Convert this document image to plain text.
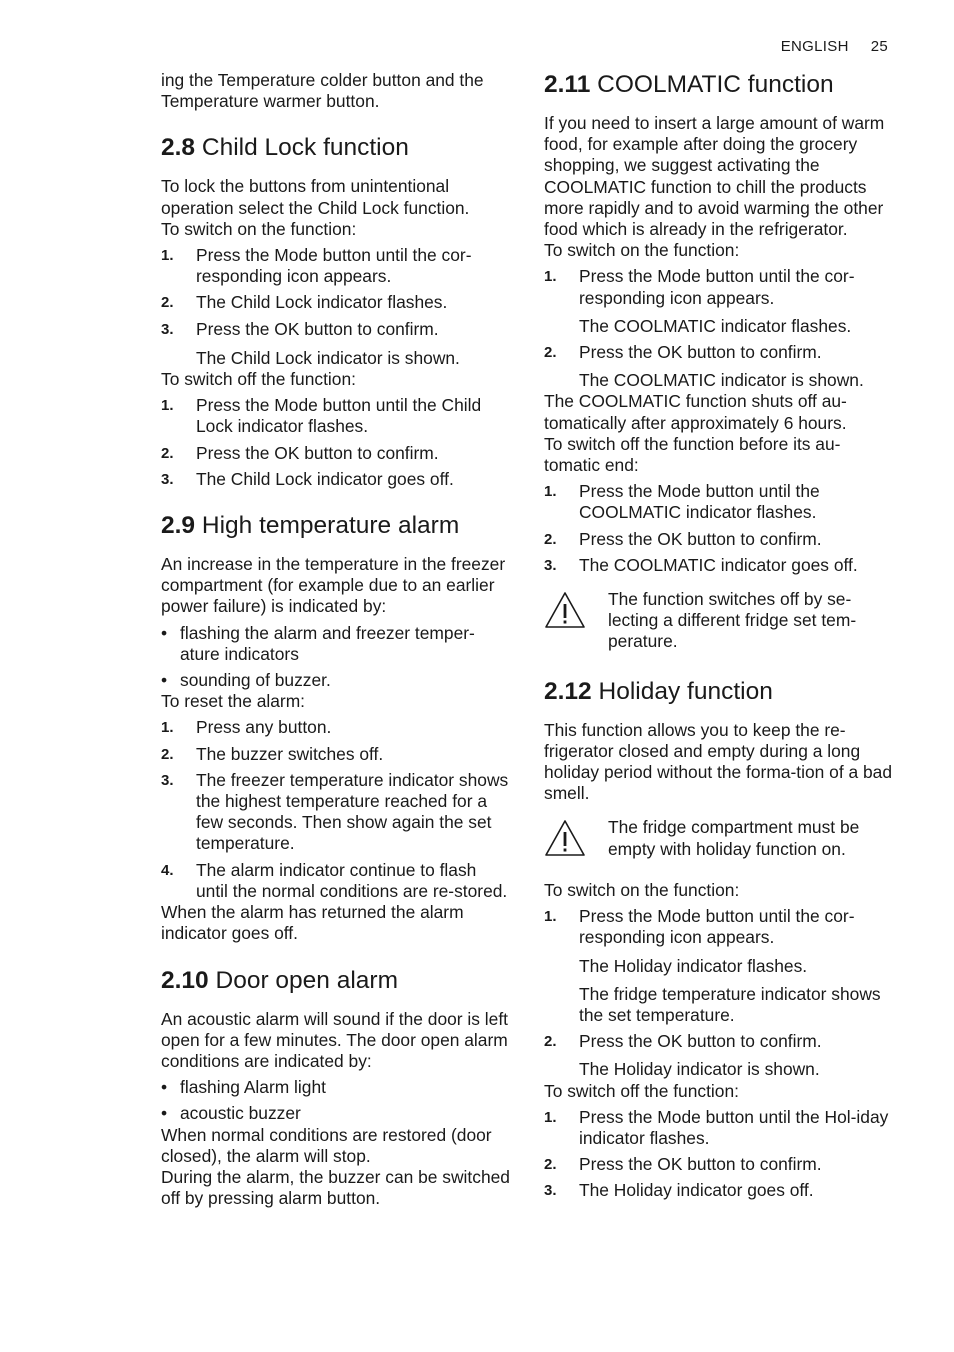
ENGLISH 25

ing the Temperature colder button and the Temperature warmer button.

2.8 Child Lock function

To lock the buttons from unintentional operation select the Child Lock function.

To switch on the function:

1. Press the Mode button until the cor-responding icon appears.
2. The Child Lock indicator flashes.
3. Press the OK button to confirm.

The Child Lock indicator is shown.

To switch off the function:

1. Press the Mode button until the Child Lock indicator flashes.
2. Press the OK button to confirm.
3. The Child Lock indicator goes off.
2.9 High temperature alarm

An increase in the temperature in the freezer compartment (for example due to an earlier power failure) is indicated by:

• flashing the alarm and freezer temper-ature indicators
• sounding of buzzer.

To reset the alarm:

1. Press any button.
2. The buzzer switches off.
3. The freezer temperature indicator shows the highest temperature reached for a few seconds. Then show again the set temperature.
4. The alarm indicator continue to flash until the normal conditions are re-stored.

When the alarm has returned the alarm indicator goes off.

2.10 Door open alarm

An acoustic alarm will sound if the door is left open for a few minutes. The door open alarm conditions are indicated by:

• flashing Alarm light
• acoustic buzzer

When normal conditions are restored (door closed), the alarm will stop.

During the alarm, the buzzer can be switched off by pressing alarm button.

2.11 COOLMATIC function

If you need to insert a large amount of warm food, for example after doing the grocery shopping, we suggest activating the COOLMATIC function to chill the products more rapidly and to avoid warming the other food which is already in the refrigerator.

To switch on the function:

1. Press the Mode button until the cor-responding icon appears.

The COOLMATIC indicator flashes.

2. Press the OK button to confirm.

The COOLMATIC indicator is shown.

The COOLMATIC function shuts off au-tomatically after approximately 6 hours.

To switch off the function before its au-tomatic end:

1. Press the Mode button until the COOLMATIC indicator flashes.
2. Press the OK button to confirm.
3. The COOLMATIC indicator goes off.

The function switches off by se-lecting a different fridge set tem-perature.

2.12 Holiday function

This function allows you to keep the re-frigerator closed and empty during a long holiday period without the forma-tion of a bad smell.

The fridge compartment must be empty with holiday function on.

To switch on the function:

1. Press the Mode button until the cor-responding icon appears.

The Holiday indicator flashes.

The fridge temperature indicator shows the set temperature.

2. Press the OK button to confirm.

The Holiday indicator is shown.

To switch off the function:

1. Press the Mode button until the Hol-iday indicator flashes.
2. Press the OK button to confirm.
3. The Holiday indicator goes off.
